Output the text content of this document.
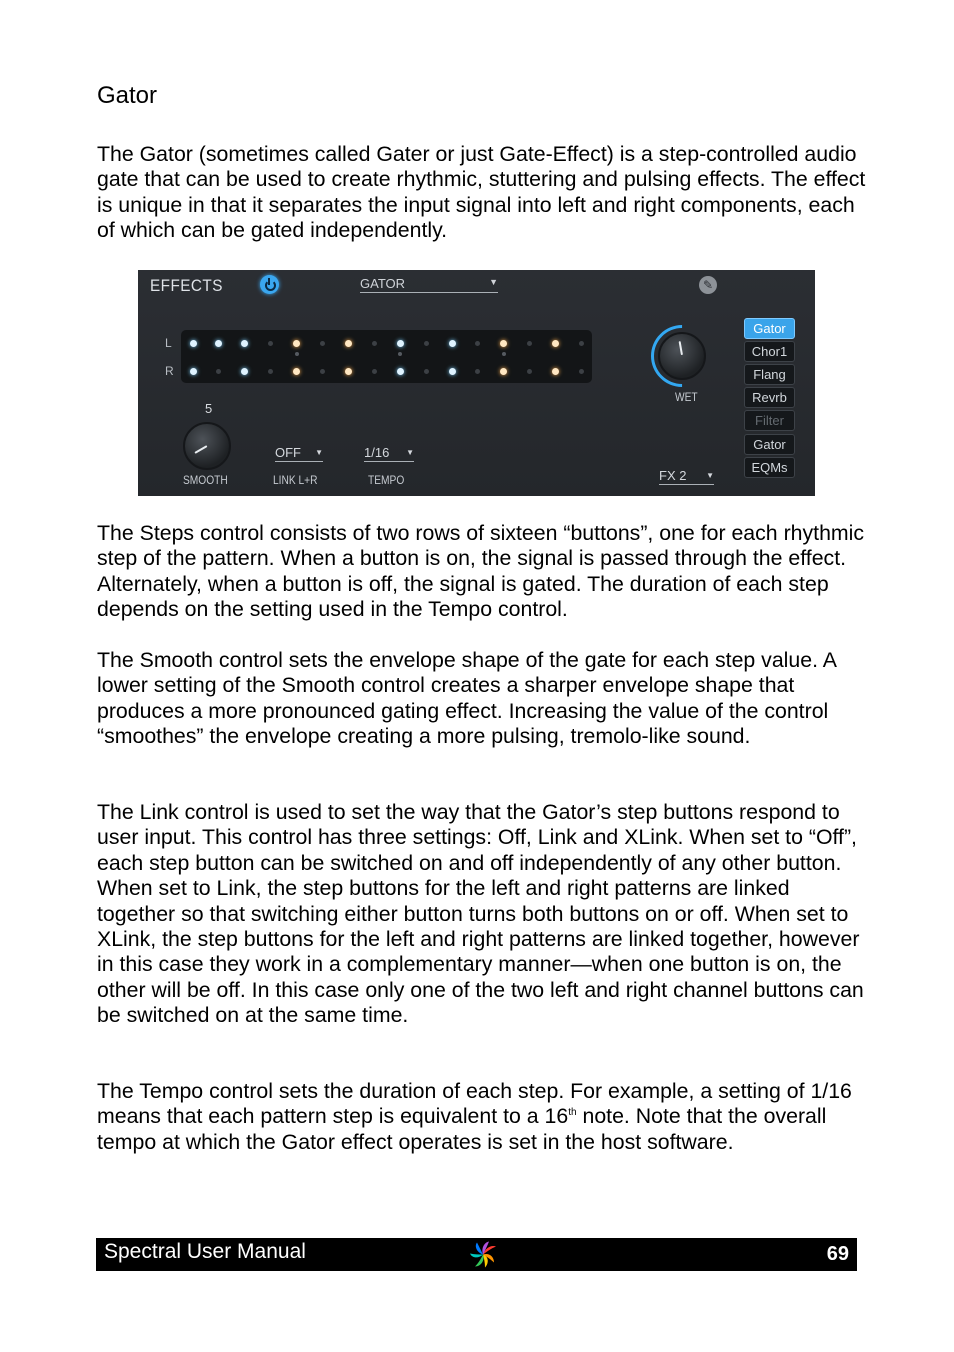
Gator

The Gator (sometimes called Gater or just Gate-Effect) is a step-controlled audio gate that can be used to create rhythmic, stuttering and pulsing effects. The effect is unique in that it separates the input signal into left and right components, each of which can be gated independently.

EFFECTS	GATOR	▼	✎
L
R
5
SMOOTH
OFF ▼
LINK L+R
1/16 ▼
TEMPO
WET
FX 2 ▼
Gator
Chor1
Flang
Revrb
Filter
Gator
EQMs

The Steps control consists of two rows of sixteen “buttons”, one for each rhythmic step of the pattern. When a button is on, the signal is passed through the effect. Alternately, when a button is off, the signal is gated. The duration of each step depends on the setting used in the Tempo control.

The Smooth control sets the envelope shape of the gate for each step value. A lower setting of the Smooth control creates a sharper envelope shape that produces a more pronounced gating effect. Increasing the value of the control “smoothes” the envelope creating a more pulsing, tremolo-like sound.

The Link control is used to set the way that the Gator’s step buttons respond to user input. This control has three settings: Off, Link and XLink. When set to “Off”, each step button can be switched on and off independently of any other button. When set to Link, the step buttons for the left and right patterns are linked together so that switching either button turns both buttons on or off. When set to XLink, the step buttons for the left and right patterns are linked together, however in this case they work in a complementary manner—when one button is on, the other will be off. In this case only one of the two left and right channel buttons can be switched on at the same time.

The Tempo control sets the duration of each step. For example, a setting of 1/16 means that each pattern step is equivalent to a 16th note. Note that the overall tempo at which the Gator effect operates is set in the host software.

Spectral User Manual	69
